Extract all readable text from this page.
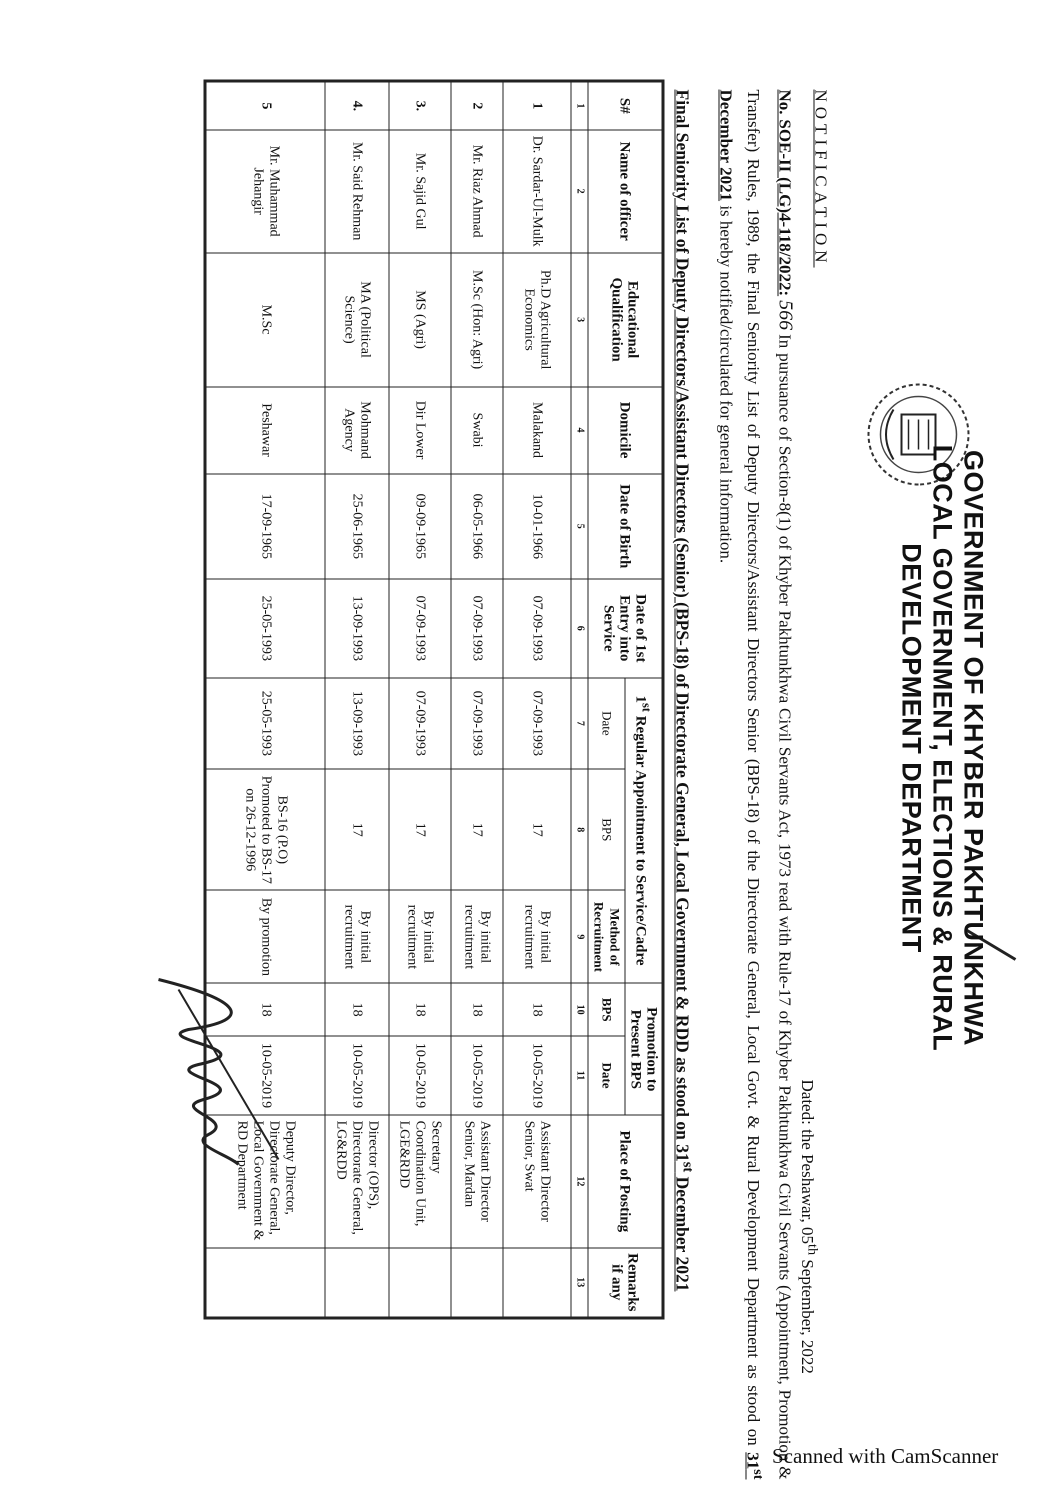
GOVERNMENT OF KHYBER PAKHTUNKHWA
LOCAL GOVERNMENT, ELECTIONS & RURAL
DEVELOPMENT DEPARTMENT
NOTIFICATION
Dated: the Peshawar, 05th September, 2022
No. SOE-II (LG)4-118/2022:566In pursuance of Section-8(1) of Khyber Pakhtunkhwa Civil Servants Act, 1973 read with Rule-17 of Khyber Pakhtunkhwa Civil Servants (Appointment, Promotion & Transfer) Rules, 1989, the Final Seniority List of Deputy Directors/Assistant Directors Senior (BPS-18) of the Directorate General, Local Govt. & Rural Development Department as stood on 31st December 2021 is hereby notified/circulated for general information.
Final Seniority List of Deputy Directors/Assistant Directors (Senior) (BPS-18) of Directorate General, Local Government & RDD as stood on 31st December 2021
S#	Name of officer	Educational Qualification	Domicile	Date of Birth	Date of 1st Entry into Service	1st Regular Appointment to Service/Cadre			Promotion to Present BPS		Place of Posting	Remarks if any
						Date	BPS	Method of Recruitment	BPS	Date		
1	2	3	4	5	6	7	8	9	10	11	12	13
1	Dr. Sardar-Ul-Mulk	Ph.D Agricultural Economics	Malakand	10-01-1966	07-09-1993	07-09-1993	17	By initial recruitment	18	10-05-2019	Assistant Director Senior, Swat	
2	Mr. Riaz Ahmad	M.Sc (Hon: Agri)	Swabi	06-05-1966	07-09-1993	07-09-1993	17	By initial recruitment	18	10-05-2019	Assistant Director Senior, Mardan	
3.	Mr. Sajid Gul	MS (Agri)	Dir Lower	09-09-1965	07-09-1993	07-09-1993	17	By initial recruitment	18	10-05-2019	Secretary Coordination Unit, LGE&RDD	
4.	Mr. Said Rehman	MA (Political Science)	Mohmand Agency	25-06-1965	13-09-1993	13-09-1993	17	By initial recruitment	18	10-05-2019	Director (OPS), Directorate General, LG&RDD	
5	Mr. Muhammad Jehangir	M.Sc	Peshawar	17-09-1965	25-05-1993	25-05-1993	BS-16 (P.O) Promoted to BS-17 on 26-12-1996	By promotion	18	10-05-2019	Deputy Director, Directorate General, Local Government & RD Department	
Scanned with CamScanner
